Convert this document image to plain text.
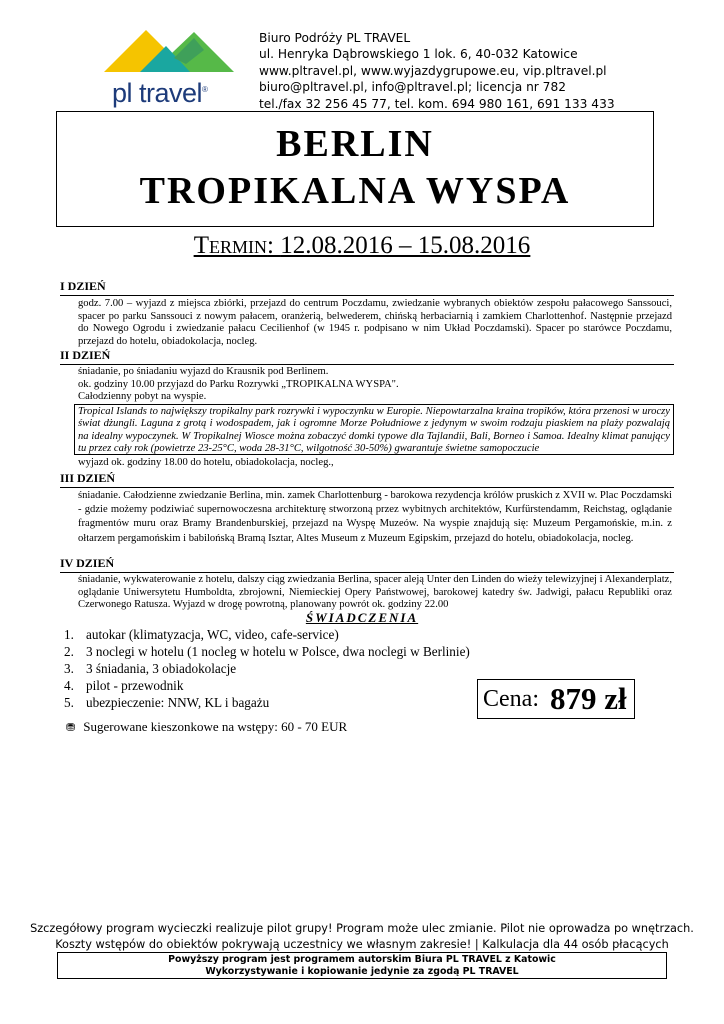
pl travel®
Biuro Podróży PL TRAVEL
ul. Henryka Dąbrowskiego 1 lok. 6, 40-032 Katowice
www.pltravel.pl, www.wyjazdygrupowe.eu, vip.pltravel.pl
biuro@pltravel.pl, info@pltravel.pl; licencja nr 782
tel./fax 32 256 45 77, tel. kom. 694 980 161, 691 133 433
BERLIN
TROPIKALNA WYSPA
Termin: 12.08.2016 – 15.08.2016
I DZIEŃ
godz. 7.00 – wyjazd z miejsca zbiórki, przejazd do centrum Poczdamu, zwiedzanie wybranych obiektów zespołu pałacowego Sanssouci, spacer po parku Sanssouci z nowym pałacem, oranżerią, belwederem, chińską herbaciarnią i zamkiem Charlottenhof. Następnie przejazd do Nowego Ogrodu i zwiedzanie pałacu Cecilienhof (w 1945 r. podpisano w nim Układ Poczdamski). Spacer po starówce Poczdamu, przejazd do hotelu, obiadokolacja, nocleg.
II DZIEŃ
śniadanie, po śniadaniu wyjazd do Krausnik pod Berlinem.
ok. godziny 10.00 przyjazd do Parku Rozrywki „TROPIKALNA WYSPA".
Całodzienny pobyt na wyspie.
Tropical Islands to największy tropikalny park rozrywki i wypoczynku w Europie. Niepowtarzalna kraina tropików, która przenosi w uroczy świat dżungli. Laguna z grotą i wodospadem, jak i ogromne Morze Południowe z jedynym w swoim rodzaju piaskiem na plaży pozwalają na idealny wypoczynek. W Tropikalnej Wiosce można zobaczyć domki typowe dla Tajlandii, Bali, Borneo i Samoa. Idealny klimat panujący tu przez cały rok (powietrze 23-25°C, woda 28-31°C, wilgotność 30-50%) gwarantuje świetne samopoczucie
wyjazd ok. godziny 18.00 do hotelu, obiadokolacja, nocleg.,
III DZIEŃ
śniadanie. Całodzienne zwiedzanie Berlina, min. zamek Charlottenburg - barokowa rezydencja królów pruskich z XVII w. Plac Poczdamski - gdzie możemy podziwiać supernowoczesna architekturę stworzoną przez wybitnych architektów, Kurfürstendamm, Reichstag, oglądanie fragmentów muru oraz Bramy Brandenburskiej, przejazd na Wyspę Muzeów. Na wyspie znajdują się: Muzeum Pergamońskie, m.in. z ołtarzem pergamońskim i babilońską Bramą Isztar, Altes Museum z Muzeum Egipskim, przejazd do hotelu, obiadokolacja, nocleg.
IV DZIEŃ
śniadanie, wykwaterowanie z hotelu, dalszy ciąg zwiedzania Berlina, spacer aleją Unter den Linden do wieży telewizyjnej i Alexanderplatz, oglądanie Uniwersytetu Humboldta, zbrojowni, Niemieckiej Opery Państwowej, barokowej katedry św. Jadwigi, pałacu Republiki oraz Czerwonego Ratusza. Wyjazd w drogę powrotną, planowany powrót ok. godziny 22.00
ŚWIADCZENIA
1. autokar (klimatyzacja, WC, video, cafe-service)
2. 3 noclegi w hotelu (1 nocleg w hotelu w Polsce, dwa noclegi w Berlinie)
3. 3 śniadania, 3 obiadokolacje
4. pilot - przewodnik
5. ubezpieczenie: NNW, KL i bagażu	Cena: 879 zł
⛃ Sugerowane kieszonkowe na wstępy: 60 - 70 EUR
Szczegółowy program wycieczki realizuje pilot grupy! Program może ulec zmianie. Pilot nie oprowadza po wnętrzach.
Koszty wstępów do obiektów pokrywają uczestnicy we własnym zakresie! | Kalkulacja dla 44 osób płacących
Powyższy program jest programem autorskim Biura PL TRAVEL z Katowic
Wykorzystywanie i kopiowanie jedynie za zgodą PL TRAVEL
